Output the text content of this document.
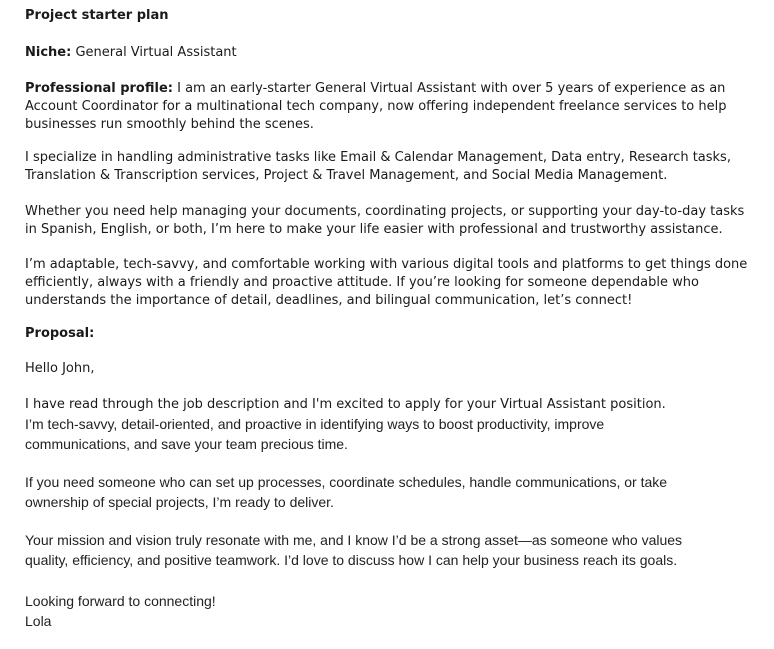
Project starter plan

Niche: General Virtual Assistant

Professional profile: I am an early-starter General Virtual Assistant with over 5 years of experience as an Account Coordinator for a multinational tech company, now offering independent freelance services to help businesses run smoothly behind the scenes.

I specialize in handling administrative tasks like Email & Calendar Management, Data entry, Research tasks, Translation & Transcription services, Project & Travel Management, and Social Media Management.

Whether you need help managing your documents, coordinating projects, or supporting your day-to-day tasks in Spanish, English, or both, I’m here to make your life easier with professional and trustworthy assistance.

I’m adaptable, tech-savvy, and comfortable working with various digital tools and platforms to get things done efficiently, always with a friendly and proactive attitude. If you’re looking for someone dependable who understands the importance of detail, deadlines, and bilingual communication, let’s connect!

Proposal:

Hello John,

I have read through the job description and I'm excited to apply for your Virtual Assistant position.

I’m tech-savvy, detail-oriented, and proactive in identifying ways to boost productivity, improve
communications, and save your team precious time.

If you need someone who can set up processes, coordinate schedules, handle communications, or take
ownership of special projects, I’m ready to deliver.

Your mission and vision truly resonate with me, and I know I’d be a strong asset—as someone who values
quality, efficiency, and positive teamwork. I’d love to discuss how I can help your business reach its goals.

Looking forward to connecting!
Lola
